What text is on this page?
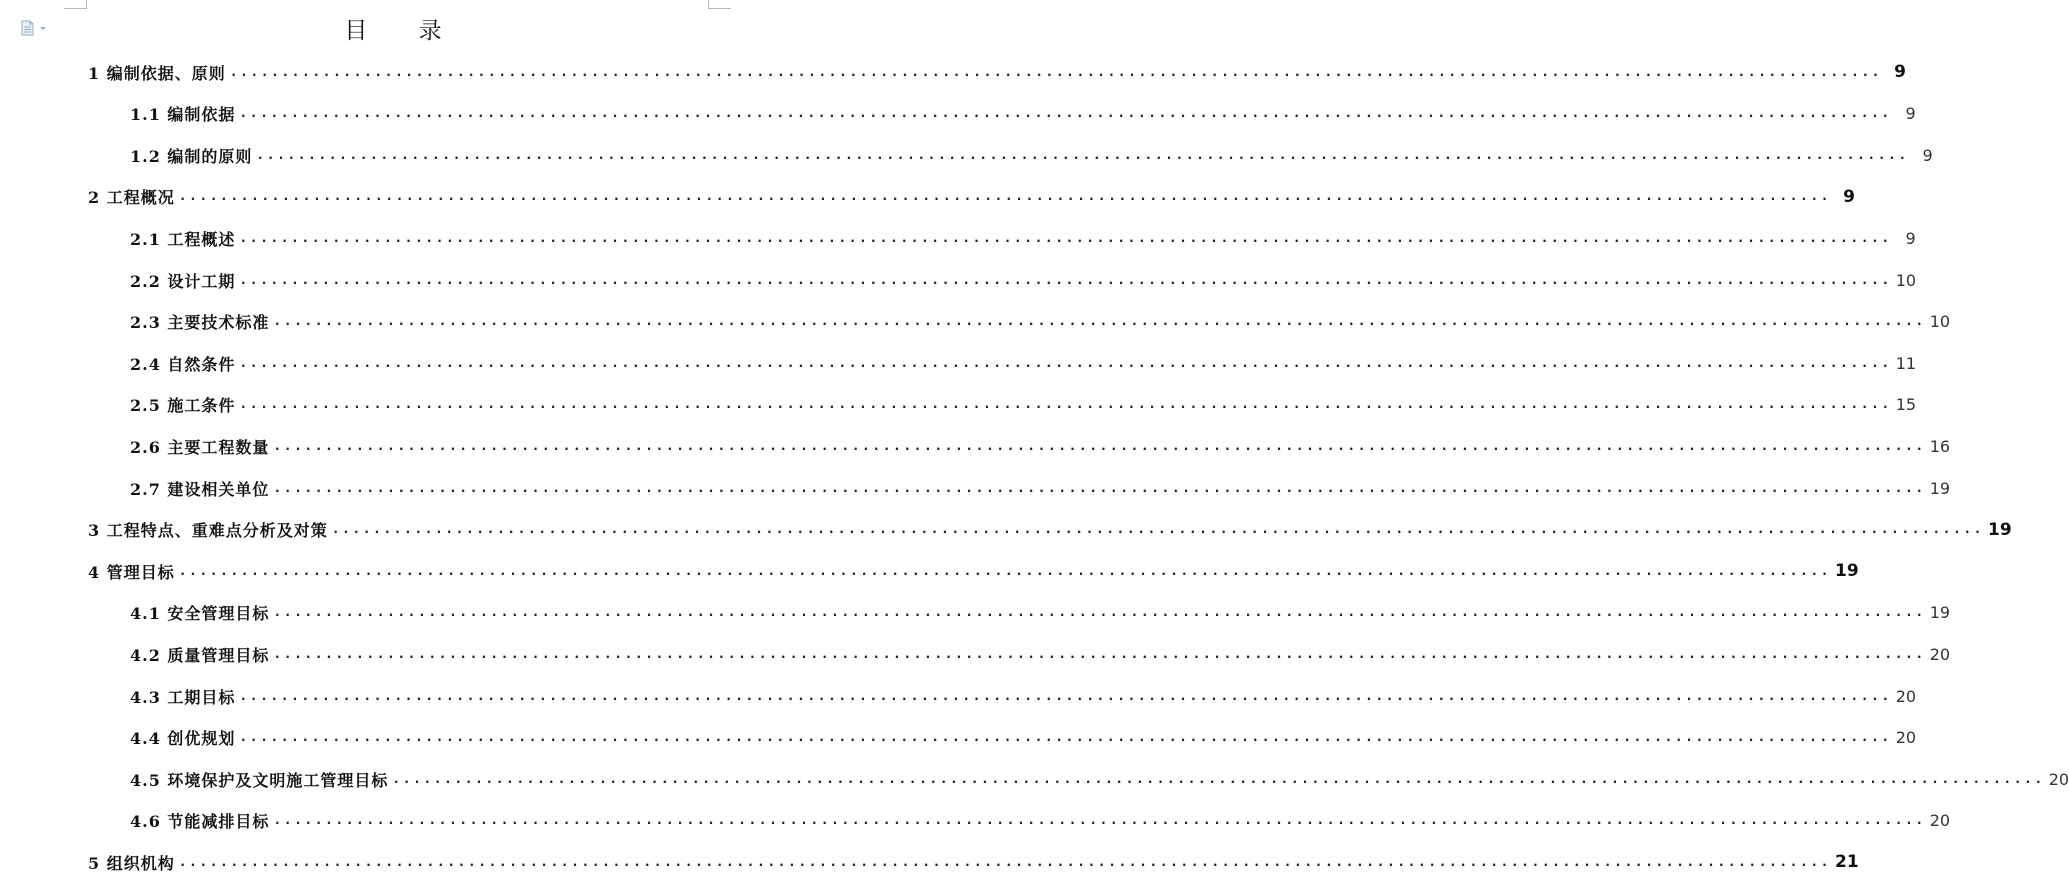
目 录
1 编制依据、原则 ................................................................................................................................................................ 9
1.1 编制依据 ................................................................................................................................................................ 9
1.2 编制的原则 ................................................................................................................................................................ 9
2 工程概况 ................................................................................................................................................................ 9
2.1 工程概述 ................................................................................................................................................................ 9
2.2 设计工期 ................................................................................................................................................................ 10
2.3 主要技术标准 ................................................................................................................................................................ 10
2.4 自然条件 ................................................................................................................................................................ 11
2.5 施工条件 ................................................................................................................................................................ 15
2.6 主要工程数量 ................................................................................................................................................................ 16
2.7 建设相关单位 ................................................................................................................................................................ 19
3 工程特点、重难点分析及对策 ................................................................................................................................................................ 19
4 管理目标 ................................................................................................................................................................ 19
4.1 安全管理目标 ................................................................................................................................................................ 19
4.2 质量管理目标 ................................................................................................................................................................ 20
4.3 工期目标 ................................................................................................................................................................ 20
4.4 创优规划 ................................................................................................................................................................ 20
4.5 环境保护及文明施工管理目标 ................................................................................................................................................................ 20
4.6 节能减排目标 ................................................................................................................................................................ 20
5 组织机构 ................................................................................................................................................................ 21
